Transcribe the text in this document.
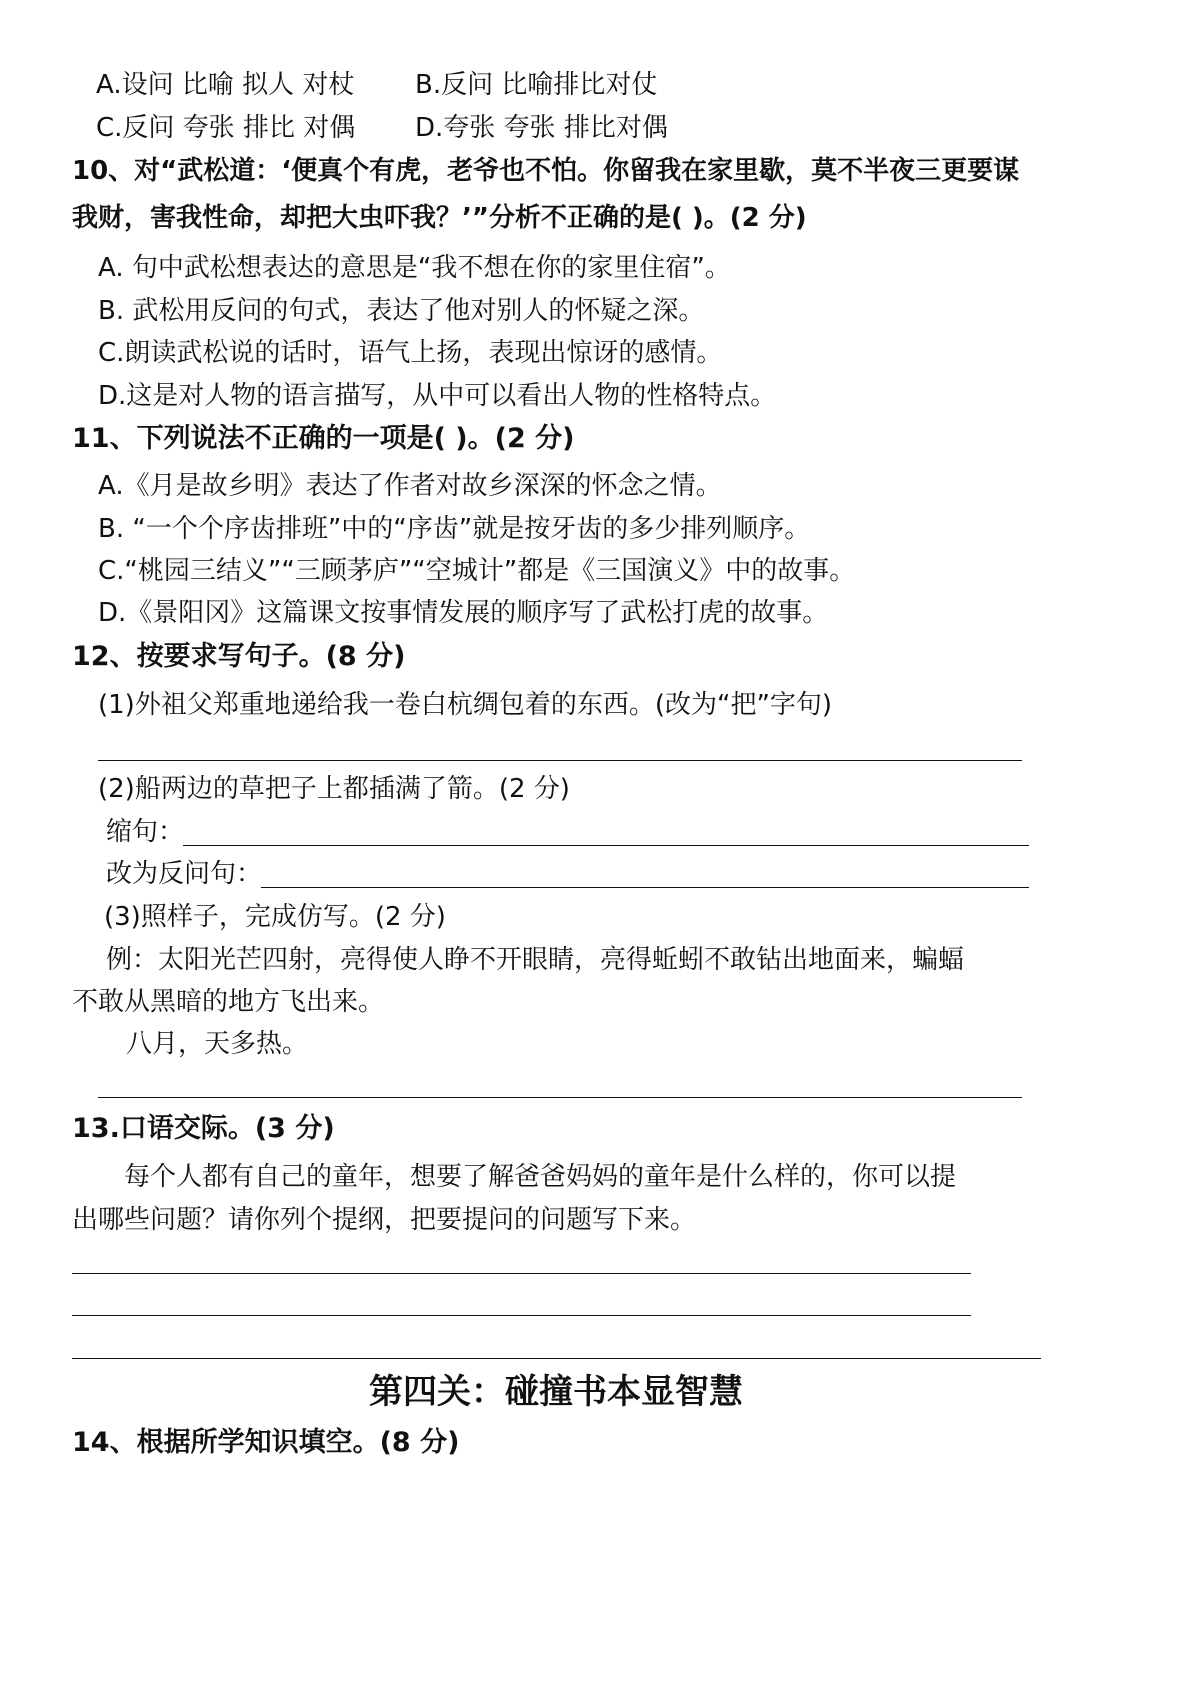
A.设问 比喻 拟人 对杖 B.反问 比喻排比对仗
C.反问 夸张 排比 对偶 D.夸张 夸张 排比对偶
10、对“武松道：‘便真个有虎，老爷也不怕。你留我在家里歇，莫不半夜三更要谋
我财，害我性命，却把大虫吓我？’”分析不正确的是( )。(2 分)
A. 句中武松想表达的意思是“我不想在你的家里住宿”。
B. 武松用反问的句式，表达了他对别人的怀疑之深。
C.朗读武松说的话时，语气上扬，表现出惊讶的感情。
D.这是对人物的语言描写，从中可以看出人物的性格特点。
11、下列说法不正确的一项是( )。(2 分)
A.《月是故乡明》表达了作者对故乡深深的怀念之情。
B. “一个个序齿排班”中的“序齿”就是按牙齿的多少排列顺序。
C.“桃园三结义”“三顾茅庐”“空城计”都是《三国演义》中的故事。
D.《景阳冈》这篇课文按事情发展的顺序写了武松打虎的故事。
12、按要求写句子。(8 分)
(1)外祖父郑重地递给我一卷白杭绸包着的东西。(改为“把”字句)
(2)船两边的草把子上都插满了箭。(2 分)
缩句：
改为反问句：
(3)照样子，完成仿写。(2 分)
例：太阳光芒四射，亮得使人睁不开眼睛，亮得蚯蚓不敢钻出地面来，蝙蝠
不敢从黑暗的地方飞出来。
八月，天多热。
13.口语交际。(3 分)
每个人都有自己的童年，想要了解爸爸妈妈的童年是什么样的，你可以提
出哪些问题？请你列个提纲，把要提问的问题写下来。
第四关：碰撞书本显智慧
14、根据所学知识填空。(8 分)
